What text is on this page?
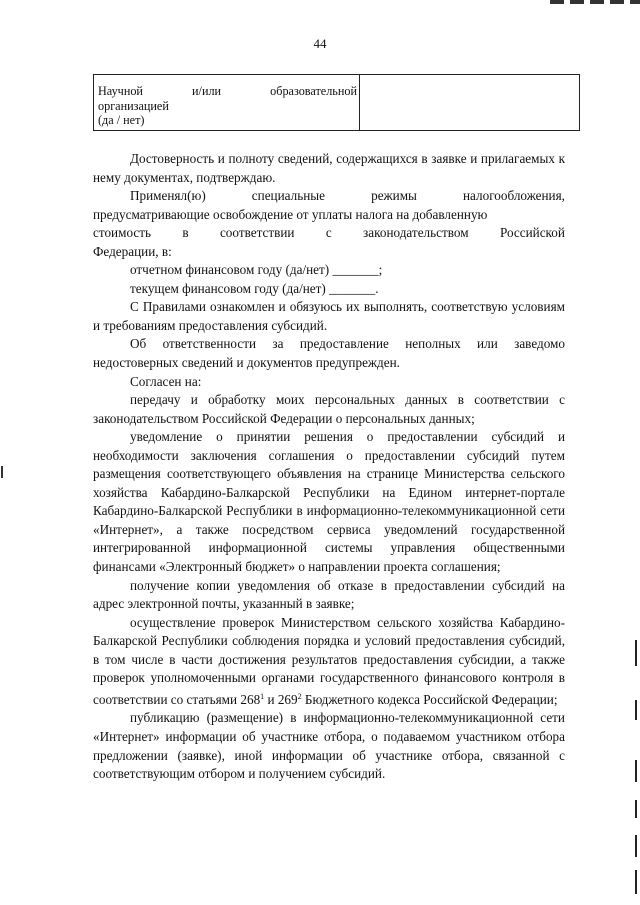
44
Научной	и/или	образовательной
организацией
(да / нет)

Достоверность и полноту сведений, содержащихся в заявке и прилагаемых к нему документах, подтверждаю.

Применял(ю)	специальные	режимы	налогообложения,
предусматривающие освобождение от уплаты налога на добавленную
стоимость в соответствии с законодательством Российской
Федерации, в:
отчетном финансовом году (да/нет) _______;
текущем финансовом году (да/нет) _______.

С Правилами ознакомлен и обязуюсь их выполнять, соответствую условиям и требованиям предоставления субсидий.

Об ответственности за предоставление неполных или заведомо недостоверных сведений и документов предупрежден.

Согласен на:

передачу и обработку моих персональных данных в соответствии с законодательством Российской Федерации о персональных данных;

уведомление о принятии решения о предоставлении субсидий и необходимости заключения соглашения о предоставлении субсидий путем размещения соответствующего объявления на странице Министерства сельского хозяйства Кабардино-Балкарской Республики на Едином интернет-портале Кабардино-Балкарской Республики в информационно-телекоммуникационной сети «Интернет», а также посредством сервиса уведомлений государственной интегрированной информационной системы управления общественными финансами «Электронный бюджет» о направлении проекта соглашения;

получение копии уведомления об отказе в предоставлении субсидий на адрес электронной почты, указанный в заявке;

осуществление проверок Министерством сельского хозяйства Кабардино-Балкарской Республики соблюдения порядка и условий предоставления субсидий, в том числе в части достижения результатов предоставления субсидии, а также проверок уполномоченными органами государственного финансового контроля в соответствии со статьями $268^1$ и $269^2$ Бюджетного кодекса Российской Федерации;

публикацию (размещение) в информационно-телекоммуникационной сети «Интернет» информации об участнике отбора, о подаваемом участником отбора предложении (заявке), иной информации об участнике отбора, связанной с соответствующим отбором и получением субсидий.
